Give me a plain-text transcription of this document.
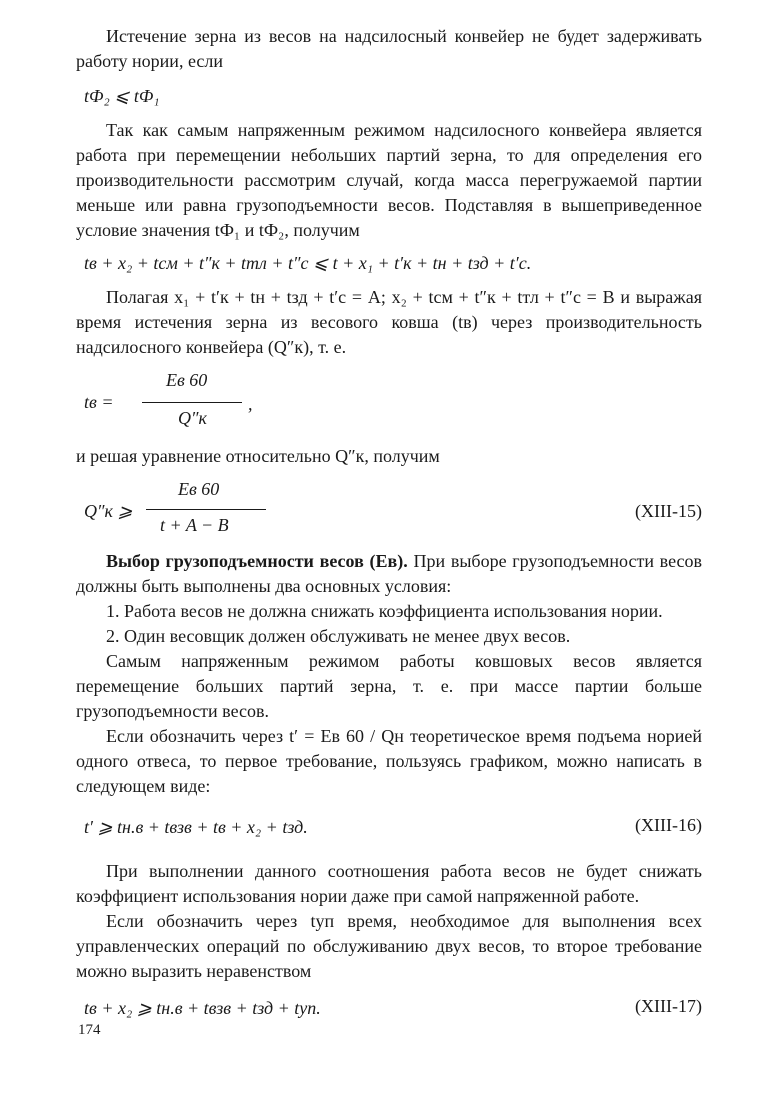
Истечение зерна из весов на надсилосный конвейер не будет задерживать работу нории, если

tФ₂ ⩽ tФ₁

Так как самым напряженным режимом надсилосного конвейера является работа при перемещении небольших партий зерна, то для определения его производительности рассмотрим случай, когда масса перегружаемой партии меньше или равна грузоподъемности весов. Подставляя в вышеприведенное условие значения tФ₁ и tФ₂, получим

tв + x₂ + tсм + t″к + tтл + t″с ⩽ t + x₁ + t′к + tн + tзд + t′с.

Полагая x₁ + t′к + tн + tзд + t′с = A; x₂ + tсм + t″к + tтл + t″с = B и выражая время истечения зерна из весового ковша (tв) через производительность надсилосного конвейера (Q″к), т. е.

tв =
Eв 60
Q″к
,

и решая уравнение относительно Q″к, получим

Q″к ⩾
Eв 60
t + A − B
(XIII-15)

Выбор грузоподъемности весов (Eв). При выборе грузоподъемности весов должны быть выполнены два основных условия:

1. Работа весов не должна снижать коэффициента использования нории.

2. Один весовщик должен обслуживать не менее двух весов.

Самым напряженным режимом работы ковшовых весов является перемещение больших партий зерна, т. е. при массе партии больше грузоподъемности весов.

Если обозначить через t′ = Eв 60 / Qн теоретическое время подъема норией одного отвеса, то первое требование, пользуясь графиком, можно написать в следующем виде:

t′ ⩾ tн.в + tвзв + tв + x₂ + tзд.	(XIII-16)

При выполнении данного соотношения работа весов не будет снижать коэффициент использования нории даже при самой напряженной работе.

Если обозначить через tуп время, необходимое для выполнения всех управленческих операций по обслуживанию двух весов, то второе требование можно выразить неравенством

tв + x₂ ⩾ tн.в + tвзв + tзд + tуп.	(XIII-17)
174
